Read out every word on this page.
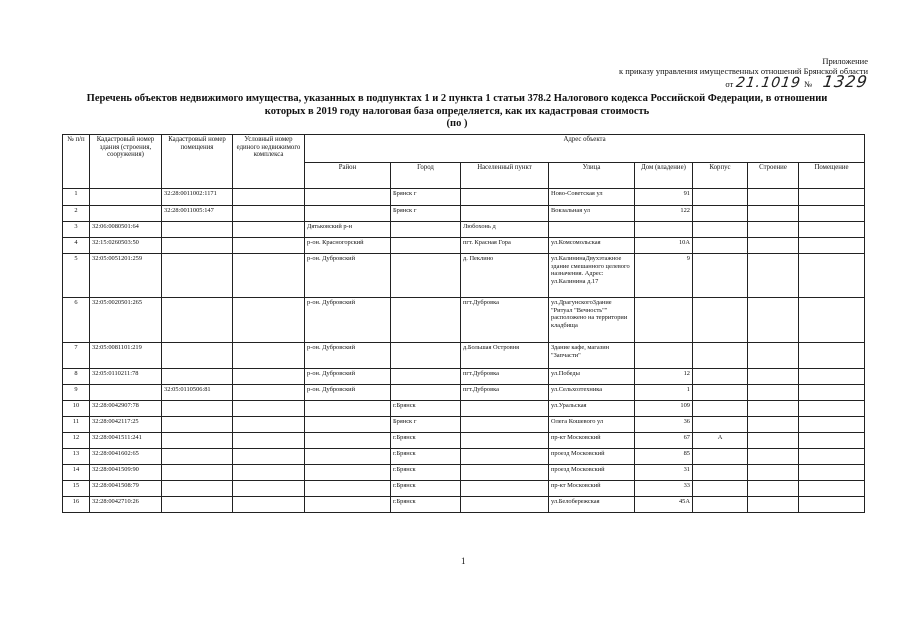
Приложение
к приказу управления имущественных отношений Брянской области
от 21.1019 № 1329
Перечень объектов недвижимого имущества, указанных в подпунктах 1 и 2 пункта 1 статьи 378.2 Налогового кодекса Российской Федерации, в отношении
которых в 2019 году налоговая база определяется, как их кадастровая стоимость
(по )
№ п/п	Кадастровый номер здания (строения, сооружения)	Кадастровый номер помещения	Условный номер единого недвижимого комплекса	Адрес объекта							
				Район	Город	Населенный пункт	Улица	Дом (владение)	Корпус	Строение	Помещение
1		32:28:0011002:1171			Брянск г		Ново-Советская ул	91			
2		32:28:0011005:147			Брянск г		Вокзальная ул	122			
3	32:06:0080501:64			Дятьковский р-н		Любохонь д					
4	32:15:0260503:50			р-он. Красногорский		пгт. Красная Гора	ул.Комсомольская	10А			
5	32:05:0051201:259			р-он. Дубровский		д. Пеклино	ул.КалининаДвухэтажное здание смешанного целевого назначения. Адрес: ул.Калинина д.17	9			
6	32:05:0020501:265			р-он. Дубровский		пгт.Дубровка	ул.ДрагунскогоЗдание "Ритуал "Вечность"" расположено на территории кладбища				
7	32:05:0081101:219			р-он. Дубровский		д.Большая Островня	Здание кафе, магазин "Запчасти"				
8	32:05:0110211:78			р-он. Дубровский		пгт.Дубровка	ул.Победы	12			
9		32:05:0110506:81		р-он. Дубровский		пгт.Дубровка	ул.Сельхозтехника	1			
10	32:28:0042907:78				г.Брянск		ул.Уральская	109			
11	32:28:0042117:25				Брянск г		Олега Кошевого ул	36			
12	32:28:0041511:241				г.Брянск		пр-кт Московский	67	А		
13	32:28:0041602:65				г.Брянск		проезд Московский	85			
14	32:28:0041509:90				г.Брянск		проезд Московский	31			
15	32:28:0041508:79				г.Брянск		пр-кт Московский	33			
16	32:28:0042710:26				г.Брянск		ул.Белобережская	45А			
1
